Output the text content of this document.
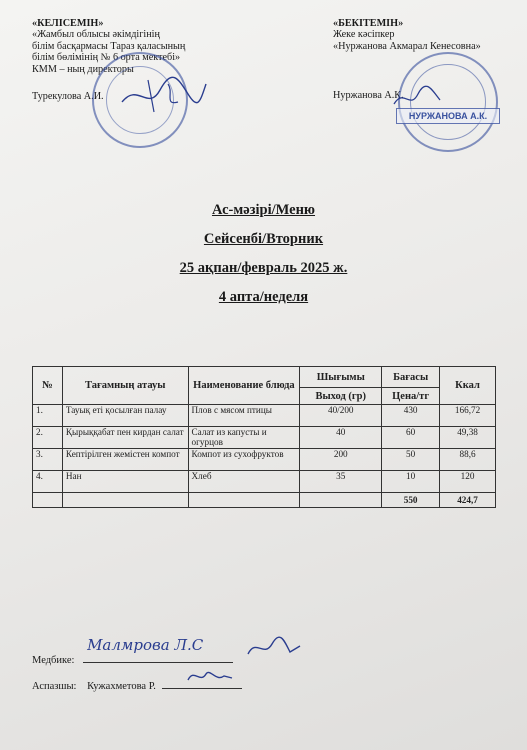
«КЕЛІСЕМІН»
«Жамбыл облысы әкімдігінің
білім басқармасы Тараз қаласының
білім бөлімінің № 6 орта мектебі»
КММ – ның директоры
Турекулова А.И.
«БЕКІТЕМІН»
Жеке кәсіпкер
«Нуржанова Акмарал Кенесовна»
Нуржанова А.К.
НУРЖАНОВА А.К.
Ас-мәзірі/Меню
Сейсенбі/Вторник
25 ақпан/февраль 2025 ж.
4 апта/неделя
№	Тағамның атауы	Наименование блюда	Шығымы	Бағасы	Ккал
			Выход (гр)	Цена/тг	
1.	Тауық еті қосылған палау	Плов с мясом птицы	40/200	430	166,72
2.	Қырыққабат пен кирдан салат	Салат из капусты и огурцов	40	60	49,38
3.	Кептірілген жемістен компот	Компот из сухофруктов	200	50	88,6
4.	Нан	Хлеб	35	10	120
				550	424,7
Медбике:
Малмрова Л.С
Аспазшы: Кужахметова Р.
